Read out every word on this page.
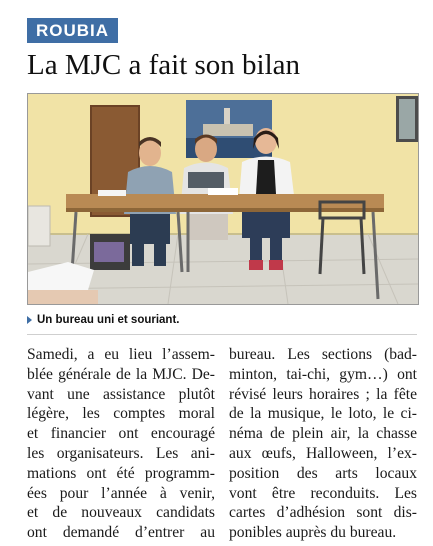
ROUBIA
La MJC a fait son bilan
Un bureau uni et souriant.
Samedi, a eu lieu l’assem-
blée générale de la MJC. De-
vant une assistance plutôt
légère, les comptes moral
et financier ont encouragé
les organisateurs. Les ani-
mations ont été programm-
ées pour l’année à venir,
et de nouveaux candidats
ont demandé d’entrer au
bureau. Les sections (bad-
minton, tai-chi, gym…) ont
révisé leurs horaires ; la fête
de la musique, le loto, le ci-
néma de plein air, la chasse
aux œufs, Halloween, l’ex-
position des arts locaux
vont être reconduits. Les
cartes d’adhésion sont dis-
ponibles auprès du bureau.
